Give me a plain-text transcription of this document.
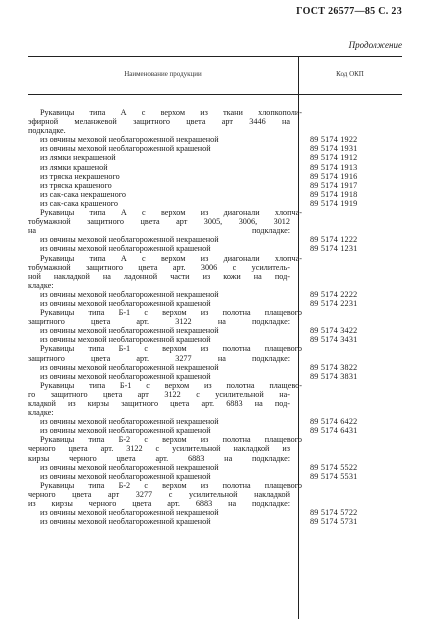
ГОСТ 26577—85 С. 23
Продолжение
Наименование продукции	Код ОКП
Рукавицы типа А с верхом из ткани хлопкополи-
эфирной меланжевой защитного цвета арт 3446 на
подкладке.
из овчины меховой необлагороженной некрашеной	89 5174 1922
из овчины меховой необлагороженной крашеной	89 5174 1931
из лямки некрашеной	89 5174 1912
из лямки крашеной	89 5174 1913
из тряска некрашеного	89 5174 1916
из тряска крашеного	89 5174 1917
из сак-сака некрашеного	89 5174 1918
из сак-сака крашеного	89 5174 1919
Рукавицы типа А с верхом из диагонали хлопча-
тобумажной защитного цвета арт 3005, 3006, 3012
на подкладке:
из овчины меховой необлагороженной некрашеной	89 5174 1222
из овчины меховой необлагороженной крашеной	89 5174 1231
Рукавицы типа А с верхом из диагонали хлопча-
тобумажной защитного цвета арт. 3006 с усилитель-
ной накладкой на ладонной части из кожи на под-
кладке:
из овчины меховой необлагороженной некрашеной	89 5174 2222
из овчины меховой необлагороженной крашеной	89 5174 2231
Рукавицы типа Б-1 с верхом из полотна плащевого
защитного цвета арт. 3122 на подкладке:
из овчины меховой необлагороженной некрашеной	89 5174 3422
из овчины меховой необлагороженной крашеной	89 5174 3431
Рукавицы типа Б-1 с верхом из полотна плащевого
защитного цвета арт. 3277 на подкладке:
из овчины меховой необлагороженной некрашеной	89 5174 3822
из овчины меховой необлагороженной крашеной	89 5174 3831
Рукавицы типа Б-1 с верхом из полотна плащево-
го защитного цвета арт 3122 с усилительной на-
кладкой из кирзы защитного цвета арт. 6883 на под-
кладке:
из овчины меховой необлагороженной некрашеной	89 5174 6422
из овчины меховой необлагороженной крашеной	89 5174 6431
Рукавицы типа Б-2 с верхом из полотна плащевого
черного цвета арт. 3122 с усилительной накладкой из
кирзы черного цвета арт. 6883 на подкладке:
из овчины меховой необлагороженной некрашеной	89 5174 5522
из овчины меховой необлагороженной крашеной	89 5174 5531
Рукавицы типа Б-2 с верхом из полотна плащевого
черного цвета арт 3277 с усилительной накладкой
из кирзы черного цвета арт. 6883 на подкладке:
из овчины меховой необлагороженной некрашеной	89 5174 5722
из овчины меховой необлагороженной крашеной	89 5174 5731
